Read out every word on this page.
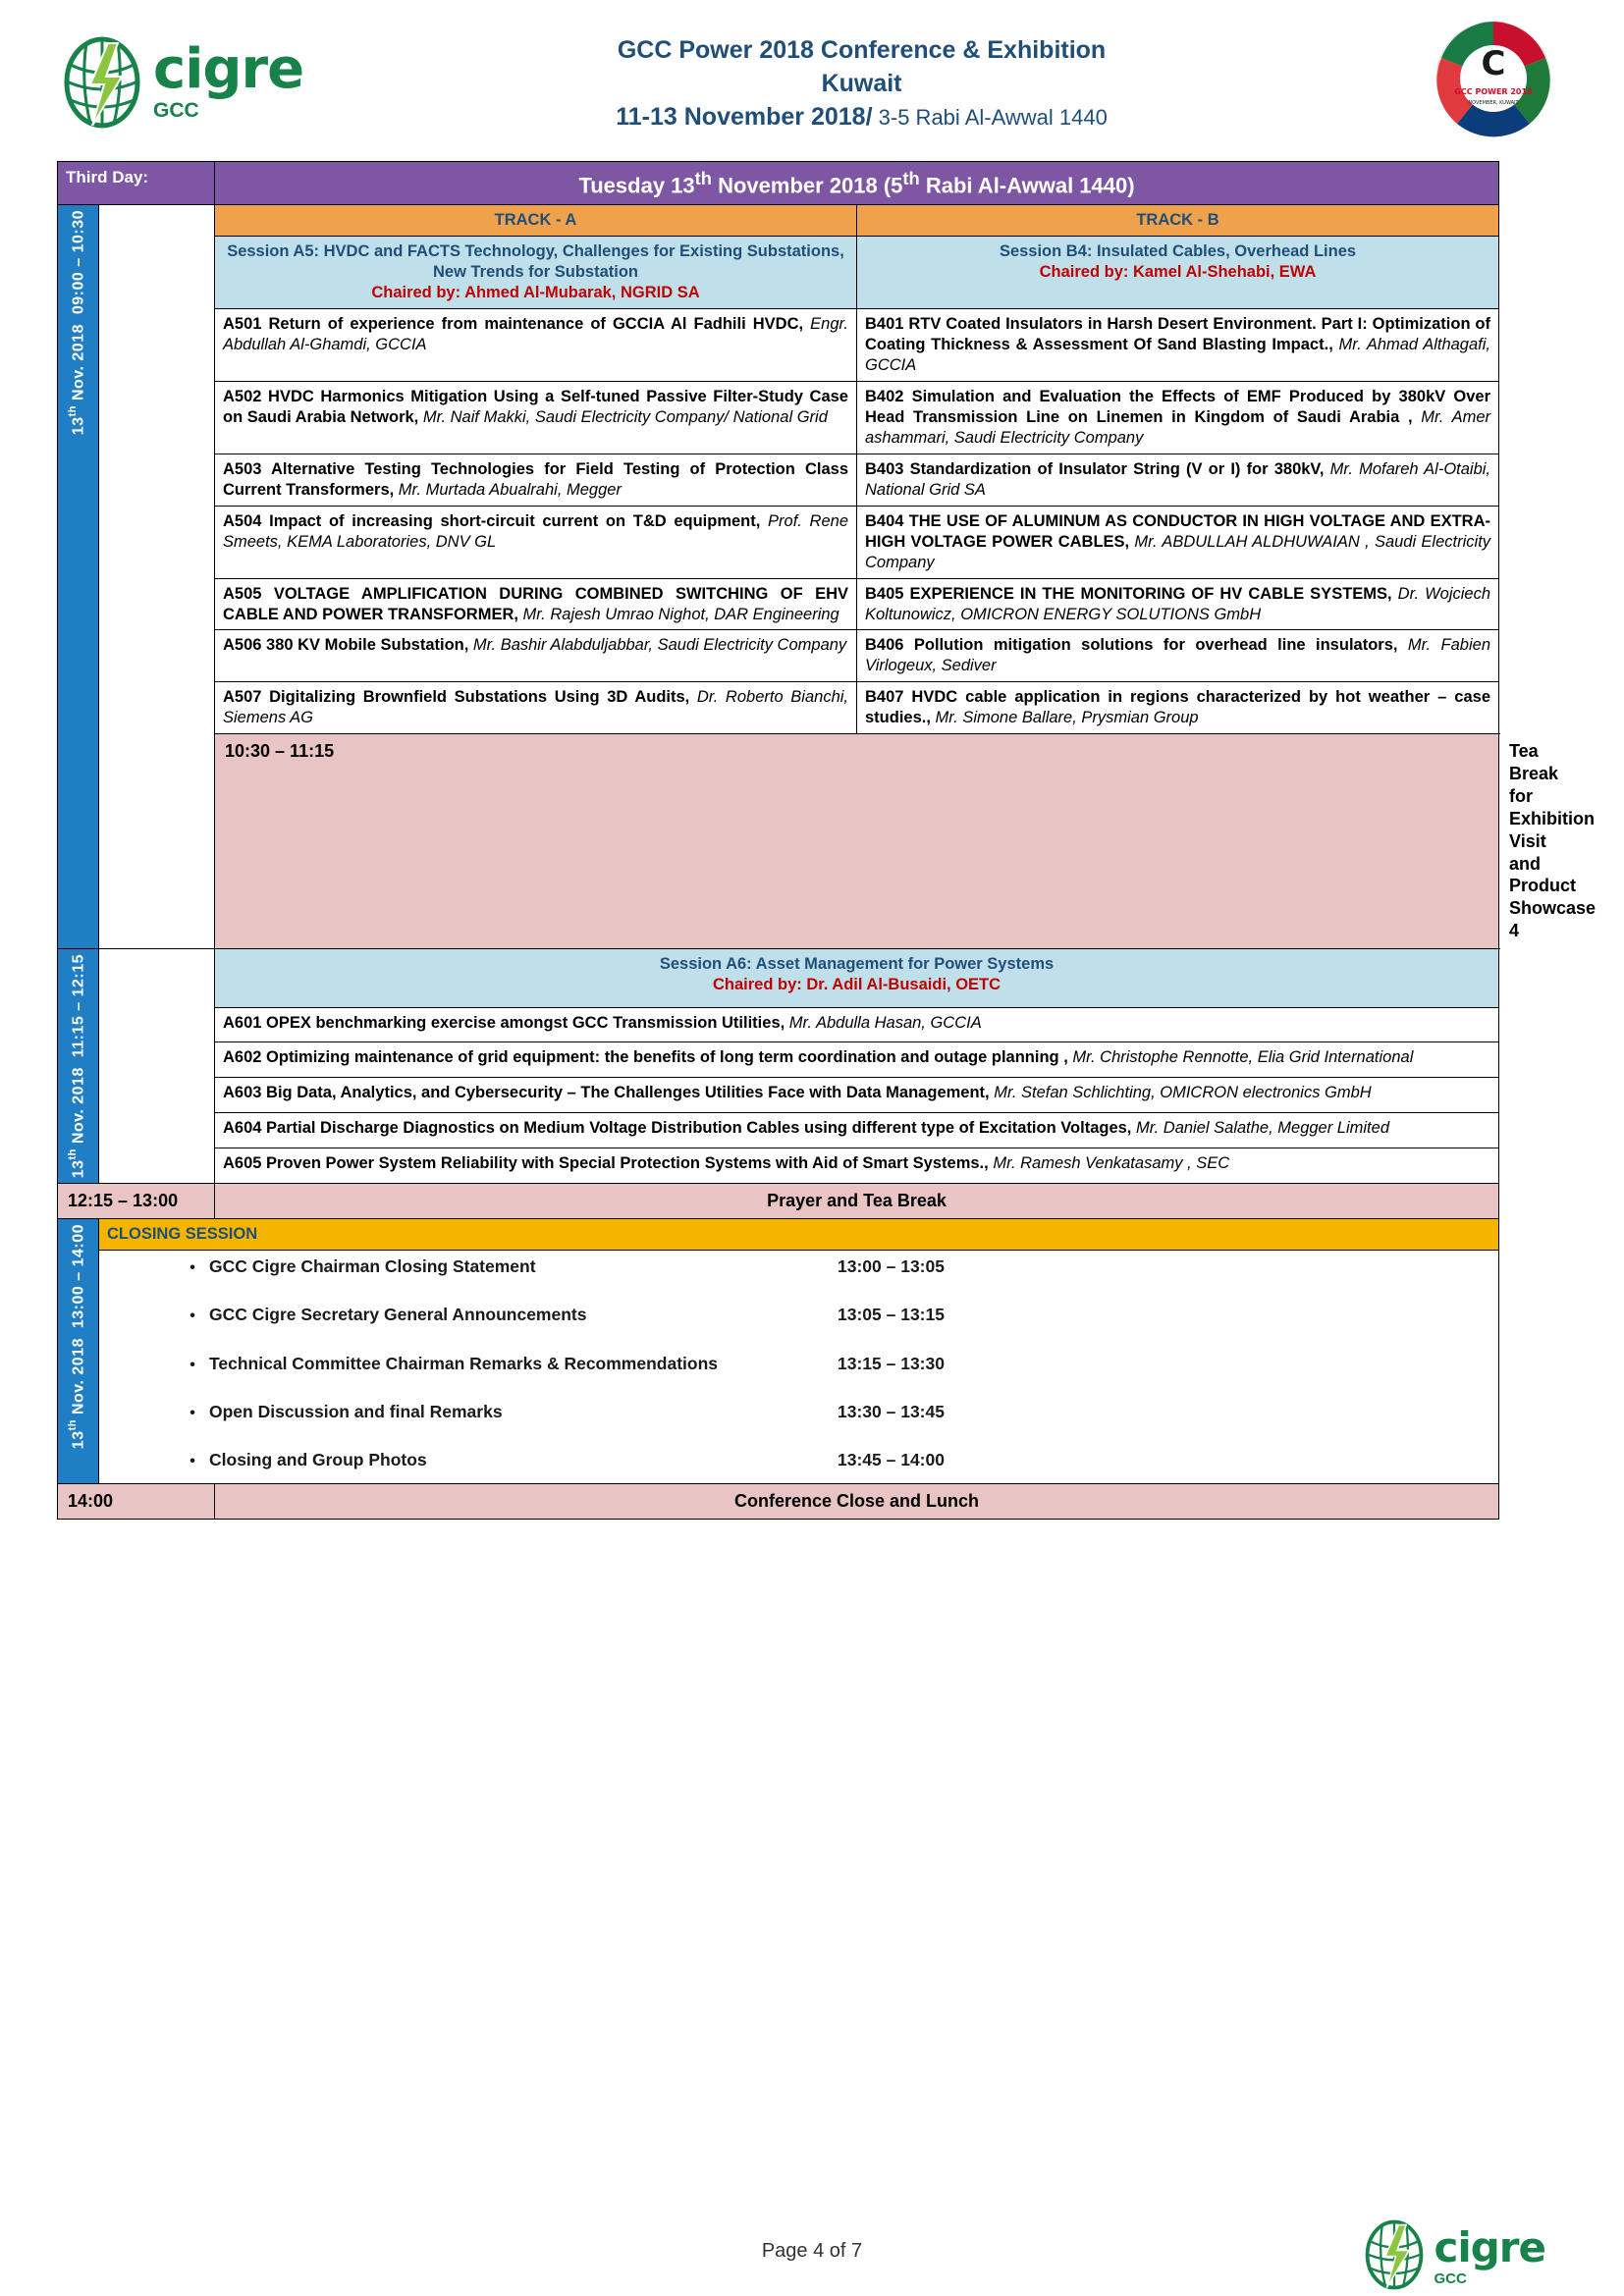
cigre
GCC
GCC Power 2018 Conference & Exhibition
Kuwait
11-13 November 2018/ 3-5 Rabi Al-Awwal 1440
C
GCC POWER 2018
NOVEMBER, KUWAIT
Third Day:		Tuesday 13th November 2018 (5th Rabi Al-Awwal 1440)		

13th Nov. 2018  09:00 – 10:30		TRACK - A	TRACK - B	

Session A5: HVDC and FACTS Technology, Challenges for Existing Substations, New Trends for Substation
Chaired by: Ahmed Al-Mubarak, NGRID SA

Session B4: Insulated Cables, Overhead Lines
Chaired by: Kamel Al-Shehabi, EWA

		A501 Return of experience from maintenance of GCCIA Al Fadhili HVDC, Engr. Abdullah Al-Ghamdi, GCCIA	B401 RTV Coated Insulators in Harsh Desert Environment. Part I: Optimization of Coating Thickness & Assessment Of Sand Blasting Impact., Mr. Ahmad Althagafi, GCCIA	
		A502 HVDC Harmonics Mitigation Using a Self-tuned Passive Filter-Study Case on Saudi Arabia Network, Mr. Naif Makki, Saudi Electricity Company/ National Grid	B402 Simulation and Evaluation the Effects of EMF Produced by 380kV Over Head Transmission Line on Linemen in Kingdom of Saudi Arabia , Mr. Amer ashammari, Saudi Electricity Company	
		A503 Alternative Testing Technologies for Field Testing of Protection Class Current Transformers, Mr. Murtada Abualrahi, Megger	B403 Standardization of Insulator String (V or I) for 380kV, Mr. Mofareh Al-Otaibi, National Grid SA	
		A504 Impact of increasing short-circuit current on T&D equipment, Prof. Rene Smeets, KEMA Laboratories, DNV GL	B404 THE USE OF ALUMINUM AS CONDUCTOR IN HIGH VOLTAGE AND EXTRA-HIGH VOLTAGE POWER CABLES, Mr. ABDULLAH ALDHUWAIAN , Saudi Electricity Company	
		A505 VOLTAGE AMPLIFICATION DURING COMBINED SWITCHING OF EHV CABLE AND POWER TRANSFORMER, Mr. Rajesh Umrao Nighot, DAR Engineering	B405 EXPERIENCE IN THE MONITORING OF HV CABLE SYSTEMS, Dr. Wojciech Koltunowicz, OMICRON ENERGY SOLUTIONS GmbH	
		A506 380 KV Mobile Substation, Mr. Bashir Alabduljabbar, Saudi Electricity Company	B406 Pollution mitigation solutions for overhead line insulators, Mr. Fabien Virlogeux, Sediver	
		A507 Digitalizing Brownfield Substations Using 3D Audits, Dr. Roberto Bianchi, Siemens AG	B407 HVDC cable application in regions characterized by hot weather – case studies., Mr. Simone Ballare, Prysmian Group	
		10:30 – 11:15		Tea Break for Exhibition Visit and Product Showcase 4

13th Nov. 2018  11:15 – 12:15		Session A6: Asset Management for Power Systems
Chaired by: Dr. Adil Al-Busaidi, OETC		

		A601 OPEX benchmarking exercise amongst GCC Transmission Utilities, Mr. Abdulla Hasan, GCCIA		
		A602 Optimizing maintenance of grid equipment: the benefits of long term coordination and outage planning , Mr. Christophe Rennotte, Elia Grid International		
		A603 Big Data, Analytics, and Cybersecurity – The Challenges Utilities Face with Data Management, Mr. Stefan Schlichting, OMICRON electronics GmbH		
		A604 Partial Discharge Diagnostics on Medium Voltage Distribution Cables using different type of Excitation Voltages, Mr. Daniel Salathe, Megger Limited		
		A605 Proven Power System Reliability with Special Protection Systems with Aid of Smart Systems., Mr. Ramesh Venkatasamy , SEC		
12:15 – 13:00		Prayer and Tea Break		

13th Nov. 2018  13:00 – 14:00	CLOSING SESSION			

• GCC Cigre Chairman Closing Statement	13:00 – 13:05
• GCC Cigre Secretary General Announcements	13:05 – 13:15
• Technical Committee Chairman Remarks & Recommendations	13:15 – 13:30
• Open Discussion and final Remarks	13:30 – 13:45
• Closing and Group Photos	13:45 – 14:00

14:00		Conference Close and Lunch		
Page 4 of 7	cigre
GCC
